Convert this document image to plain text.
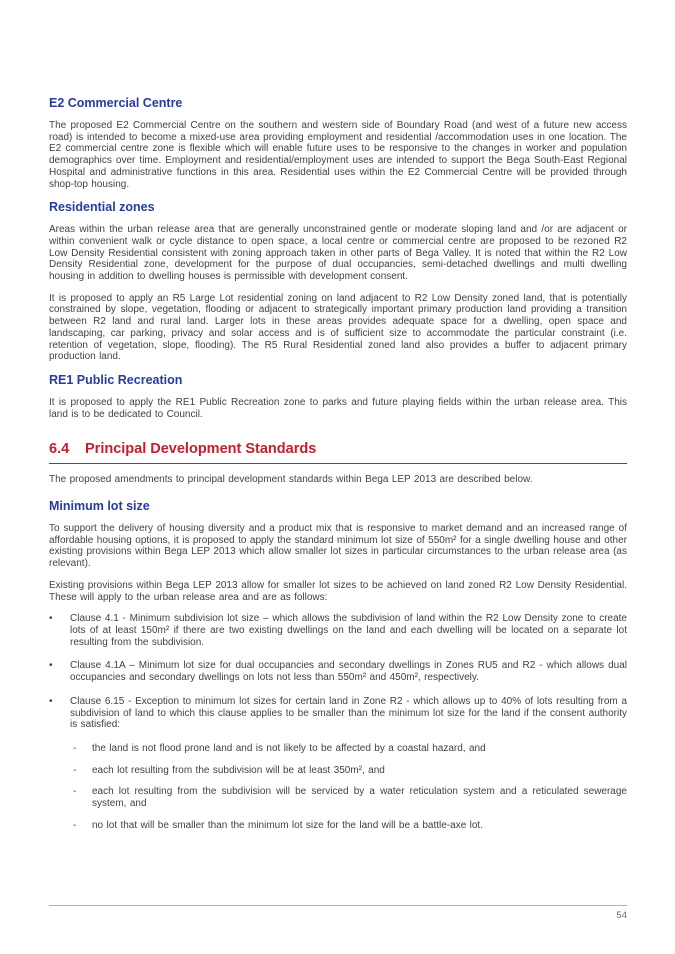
E2 Commercial Centre

The proposed E2 Commercial Centre on the southern and western side of Boundary Road (and west of a future new access road) is intended to become a mixed-use area providing employment and residential /accommodation uses in one location. The E2 commercial centre zone is flexible which will enable future uses to be responsive to the changes in worker and population demographics over time. Employment and residential/employment uses are intended to support the Bega South-East Regional Hospital and administrative functions in this area. Residential uses within the E2 Commercial Centre will be provided through shop-top housing.

Residential zones

Areas within the urban release area that are generally unconstrained gentle or moderate sloping land and /or are adjacent or within convenient walk or cycle distance to open space, a local centre or commercial centre are proposed to be rezoned R2 Low Density Residential consistent with zoning approach taken in other parts of Bega Valley. It is noted that within the R2 Low Density Residential zone, development for the purpose of dual occupancies, semi-detached dwellings and multi dwelling housing in addition to dwelling houses is permissible with development consent.

It is proposed to apply an R5 Large Lot residential zoning on land adjacent to R2 Low Density zoned land, that is potentially constrained by slope, vegetation, flooding or adjacent to strategically important primary production land providing a transition between R2 land and rural land. Larger lots in these areas provides adequate space for a dwelling, open space and landscaping, car parking, privacy and solar access and is of sufficient size to accommodate the particular constraint (i.e. retention of vegetation, slope, flooding). The R5 Rural Residential zoned land also provides a buffer to adjacent primary production land.

RE1 Public Recreation

It is proposed to apply the RE1 Public Recreation zone to parks and future playing fields within the urban release area. This land is to be dedicated to Council.

6.4	Principal Development Standards

The proposed amendments to principal development standards within Bega LEP 2013 are described below.

Minimum lot size

To support the delivery of housing diversity and a product mix that is responsive to market demand and an increased range of affordable housing options, it is proposed to apply the standard minimum lot size of 550m² for a single dwelling house and other existing provisions within Bega LEP 2013 which allow smaller lot sizes in particular circumstances to the urban release area (as relevant).

Existing provisions within Bega LEP 2013 allow for smaller lot sizes to be achieved on land zoned R2 Low Density Residential. These will apply to the urban release area and are as follows:

•	Clause 4.1 - Minimum subdivision lot size – which allows the subdivision of land within the R2 Low Density zone to create lots of at least 150m² if there are two existing dwellings on the land and each dwelling will be located on a separate lot resulting from the subdivision.
•	Clause 4.1A – Minimum lot size for dual occupancies and secondary dwellings in Zones RU5 and R2 - which allows dual occupancies and secondary dwellings on lots not less than 550m² and 450m², respectively.
•	Clause 6.15 - Exception to minimum lot sizes for certain land in Zone R2 - which allows up to 40% of lots resulting from a subdivision of land to which this clause applies to be smaller than the minimum lot size for the land if the consent authority is satisfied:
-	the land is not flood prone land and is not likely to be affected by a coastal hazard, and
-	each lot resulting from the subdivision will be at least 350m², and
-	each lot resulting from the subdivision will be serviced by a water reticulation system and a reticulated sewerage system, and
-	no lot that will be smaller than the minimum lot size for the land will be a battle-axe lot.
54
